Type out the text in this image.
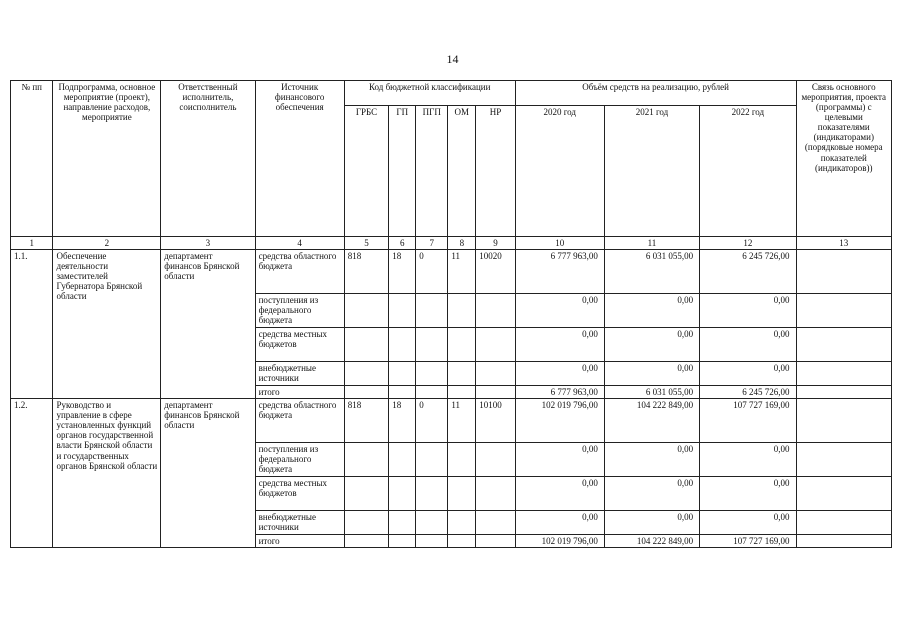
14
№ пп	Подпрограмма, основное мероприятие (проект), направление расходов, мероприятие	Ответственный исполнитель, соисполнитель	Источник финансового обеспечения	Код бюджетной классификации					Объём средств на реализацию, рублей			Связь основного мероприятия, проекта (программы) с целевыми показателями (индикаторами) (порядковые номера показателей (индикаторов))
				ГРБС	ГП	ПГП	ОМ	НР	2020 год	2021 год	2022 год	
1	2	3	4	5	6	7	8	9	10	11	12	13
1.1.	Обеспечение деятельности заместителей Губернатора Брянской области	департамент финансов Брянской области	средства областного бюджета	818	18	0	11	10020	6 777 963,00	6 031 055,00	6 245 726,00	
			поступления из федерального бюджета						0,00	0,00	0,00	
			средства местных бюджетов						0,00	0,00	0,00	
			внебюджетные источники						0,00	0,00	0,00	
			итого						6 777 963,00	6 031 055,00	6 245 726,00	
1.2.	Руководство и управление в сфере установленных функций органов государственной власти Брянской области и государственных органов Брянской области	департамент финансов Брянской области	средства областного бюджета	818	18	0	11	10100	102 019 796,00	104 222 849,00	107 727 169,00	
			поступления из федерального бюджета						0,00	0,00	0,00	
			средства местных бюджетов						0,00	0,00	0,00	
			внебюджетные источники						0,00	0,00	0,00	
			итого						102 019 796,00	104 222 849,00	107 727 169,00	
